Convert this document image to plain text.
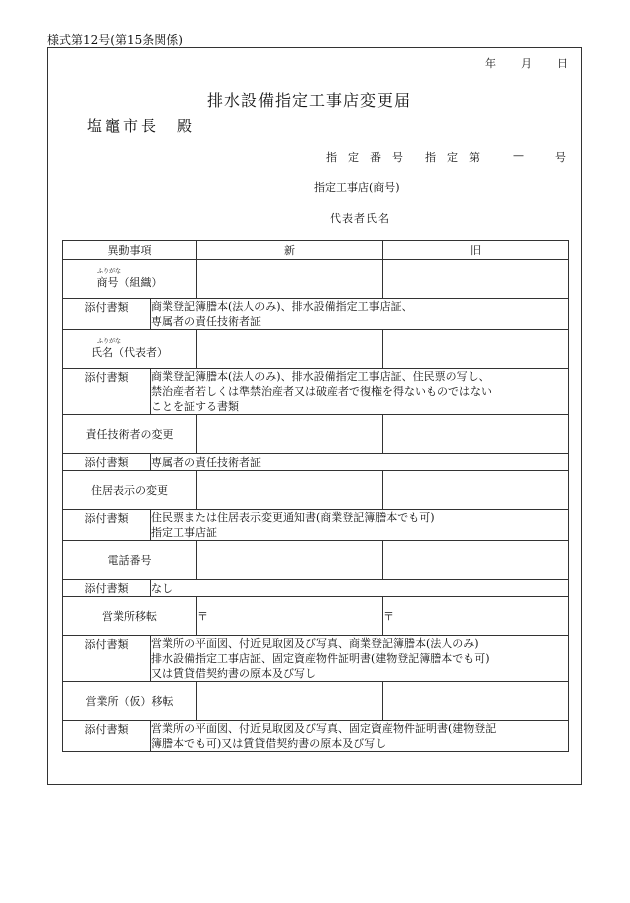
様式第12号(第15条関係)
年 月 日
排水設備指定工事店変更届
塩竈市長 殿
指　定　番　号 指　定　第	—	号
指定工事店(商号)
代表者氏名
異動事項		新	旧

ふりがな
商号（組織）			

添付書類	商業登記簿謄本(法人のみ)、排水設備指定工事店証、
専属者の責任技術者証		

ふりがな
氏名（代表者）			

添付書類	商業登記簿謄本(法人のみ)、排水設備指定工事店証、住民票の写し、
禁治産者若しくは準禁治産者又は破産者で復権を得ないものではない
ことを証する書類		

責任技術者の変更			

添付書類	専属者の責任技術者証		

住居表示の変更			

添付書類	住民票または住居表示変更通知書(商業登記簿謄本でも可)
指定工事店証		

電話番号			

添付書類	なし		

営業所移転		〒	〒
添付書類	営業所の平面図、付近見取図及び写真、商業登記簿謄本(法人のみ)
排水設備指定工事店証、固定資産物件証明書(建物登記簿謄本でも可)
又は賃貸借契約書の原本及び写し		

営業所（仮）移転			

添付書類	営業所の平面図、付近見取図及び写真、固定資産物件証明書(建物登記
簿謄本でも可)又は賃貸借契約書の原本及び写し		
